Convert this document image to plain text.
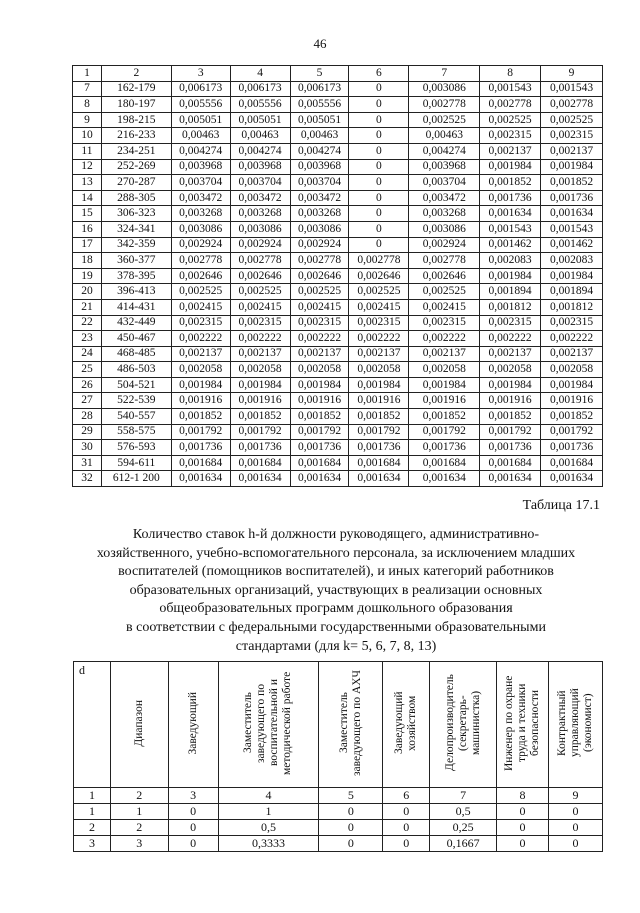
46
1	2	3	4	5	6	7	8	9
7	162-179	0,006173	0,006173	0,006173	0	0,003086	0,001543	0,001543
8	180-197	0,005556	0,005556	0,005556	0	0,002778	0,002778	0,002778
9	198-215	0,005051	0,005051	0,005051	0	0,002525	0,002525	0,002525
10	216-233	0,00463	0,00463	0,00463	0	0,00463	0,002315	0,002315
11	234-251	0,004274	0,004274	0,004274	0	0,004274	0,002137	0,002137
12	252-269	0,003968	0,003968	0,003968	0	0,003968	0,001984	0,001984
13	270-287	0,003704	0,003704	0,003704	0	0,003704	0,001852	0,001852
14	288-305	0,003472	0,003472	0,003472	0	0,003472	0,001736	0,001736
15	306-323	0,003268	0,003268	0,003268	0	0,003268	0,001634	0,001634
16	324-341	0,003086	0,003086	0,003086	0	0,003086	0,001543	0,001543
17	342-359	0,002924	0,002924	0,002924	0	0,002924	0,001462	0,001462
18	360-377	0,002778	0,002778	0,002778	0,002778	0,002778	0,002083	0,002083
19	378-395	0,002646	0,002646	0,002646	0,002646	0,002646	0,001984	0,001984
20	396-413	0,002525	0,002525	0,002525	0,002525	0,002525	0,001894	0,001894
21	414-431	0,002415	0,002415	0,002415	0,002415	0,002415	0,001812	0,001812
22	432-449	0,002315	0,002315	0,002315	0,002315	0,002315	0,002315	0,002315
23	450-467	0,002222	0,002222	0,002222	0,002222	0,002222	0,002222	0,002222
24	468-485	0,002137	0,002137	0,002137	0,002137	0,002137	0,002137	0,002137
25	486-503	0,002058	0,002058	0,002058	0,002058	0,002058	0,002058	0,002058
26	504-521	0,001984	0,001984	0,001984	0,001984	0,001984	0,001984	0,001984
27	522-539	0,001916	0,001916	0,001916	0,001916	0,001916	0,001916	0,001916
28	540-557	0,001852	0,001852	0,001852	0,001852	0,001852	0,001852	0,001852
29	558-575	0,001792	0,001792	0,001792	0,001792	0,001792	0,001792	0,001792
30	576-593	0,001736	0,001736	0,001736	0,001736	0,001736	0,001736	0,001736
31	594-611	0,001684	0,001684	0,001684	0,001684	0,001684	0,001684	0,001684
32	612-1 200	0,001634	0,001634	0,001634	0,001634	0,001634	0,001634	0,001634
Таблица 17.1
Количество ставок h-й должности руководящего, административно-
хозяйственного, учебно-вспомогательного персонала, за исключением младших
воспитателей (помощников воспитателей), и иных категорий работников
образовательных организаций, участвующих в реализации основных
общеобразовательных программ дошкольного образования
в соответствии с федеральными государственными образовательными
стандартами (для k= 5, 6, 7, 8, 13)
d	Диапазон	Заведующий	Заместитель заведующего по воспитательной и методической работе	Заместитель заведующего по АХЧ	Заведующий хозяйством	Делопроизводитель (секретарь-машинистка)	Инженер по охране труда и техники безопасности	Контрактный управляющий (экономист)
1	2	3	4	5	6	7	8	9
1	1	0	1	0	0	0,5	0	0
2	2	0	0,5	0	0	0,25	0	0
3	3	0	0,3333	0	0	0,1667	0	0
